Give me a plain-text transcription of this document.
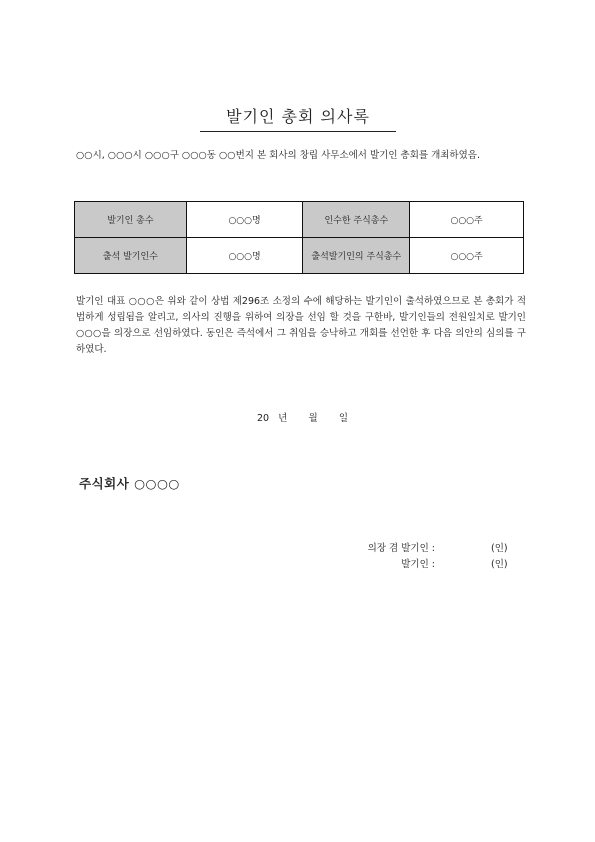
발기인 총회 의사록

○○시, ○○○시 ○○○구 ○○○동 ○○번지 본 회사의 창립 사무소에서 발기인 총회를 개최하였음.

발기인 총수	○○○명	인수한 주식총수	○○○주
출석 발기인수	○○○명	출석발기인의 주식총수	○○○주

발기인 대표 ○○○은 위와 같이 상법 제296조 소정의 수에 해당하는 발기인이 출석하였으므로 본 총회가 적법하게 성립됨을 알리고, 의사의 진행을 위하여 의장을 선임 할 것을 구한바, 발기인들의 전원일치로 발기인 ○○○을 의장으로 선임하였다. 동인은 즉석에서 그 취임을 승낙하고 개회를 선언한 후 다음 의안의 심의를 구하였다.

20 년 월 일
주식회사 ○○○○
의장 겸 발기인 :	(인)
발기인 :	(인)
